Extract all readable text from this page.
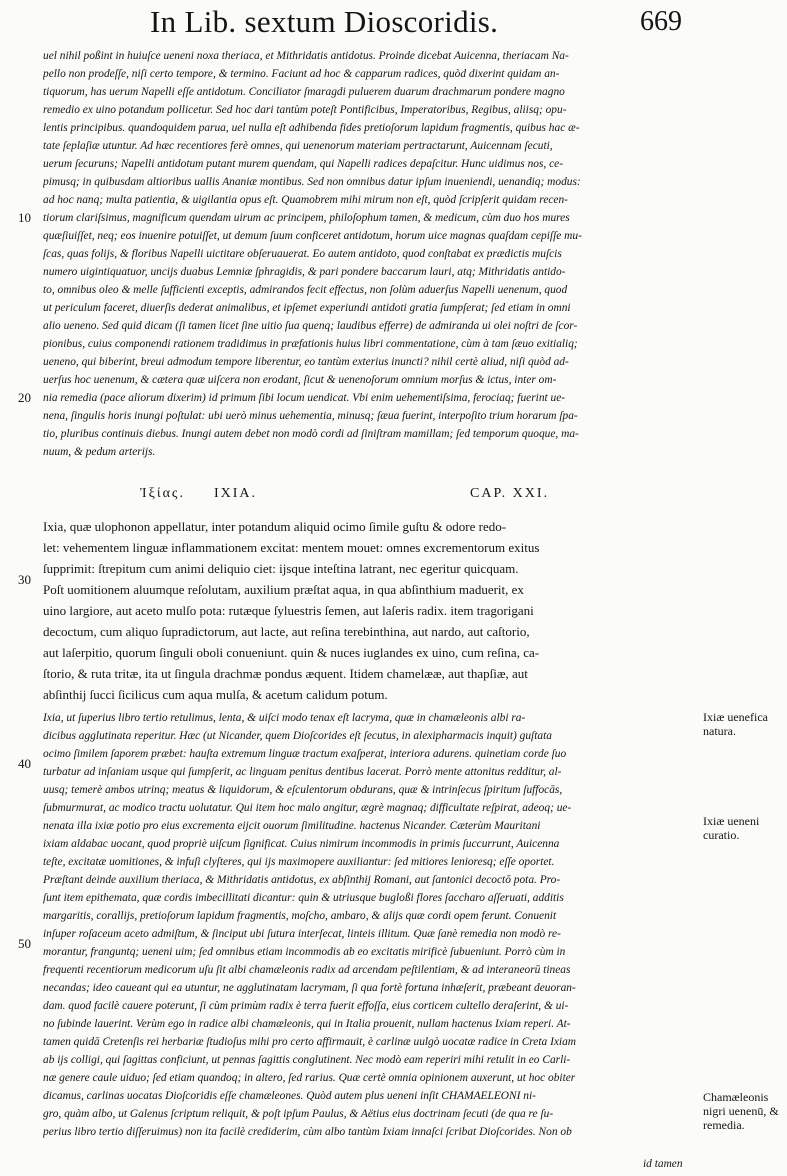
In Lib. sextum Dioscoridis.	669
uel nihil poßint in huiuſce ueneni noxa theriaca, et Mithridatis antidotus. Proinde dicebat Auicenna, theriacam Na-
pello non prodeſſe, niſi certo tempore, & termino. Faciunt ad hoc & capparum radices, quòd dixerint quidam an-
tiquorum, has uerum Napelli eſſe antidotum. Conciliator ſmaragdi puluerem duarum drachmarum pondere magno
remedio ex uino potandum pollicetur. Sed hoc dari tantùm poteſt Pontificibus, Imperatoribus, Regibus, aliisq; opu-
lentis principibus. quandoquidem parua, uel nulla eſt adhibenda fides pretioſorum lapidum fragmentis, quibus hac æ-
tate ſeplaſiæ utuntur. Ad hæc recentiores ferè omnes, qui uenenorum materiam pertractarunt, Auicennam ſecuti,
uerum ſecuruns; Napelli antidotum putant murem quendam, qui Napelli radices depaſcitur. Hunc uidimus nos, ce-
pimusq; in quibusdam altioribus uallis Ananiæ montibus. Sed non omnibus datur ipſum inueniendi, uenandiq; modus:
ad hoc nanq; multa patientia, & uigilantia opus eſt. Quamobrem mihi mirum non eſt, quòd ſcripſerit quidam recen-
tiorum clariſsimus, magnificum quendam uirum ac principem, philoſophum tamen, & medicum, cùm duo hos mures
quæſiuiſſet, neq; eos inuenire potuiſſet, ut demum ſuum conficeret antidotum, horum uice magnas quaſdam cepiſſe mu-
ſcas, quas folijs, & floribus Napelli uictitare obſeruauerat. Eo autem antidoto, quod conſtabat ex prædictis muſcis
numero uigintiquatuor, uncijs duabus Lemniæ ſphragidis, & pari pondere baccarum lauri, atq; Mithridatis antido-
to, omnibus oleo & melle ſufficienti exceptis, admirandos fecit effectus, non ſolùm aduerſus Napelli uenenum, quod
ut periculum faceret, diuerſis dederat animalibus, et ipſemet experiundi antidoti gratia ſumpſerat; ſed etiam in omni
alio ueneno. Sed quid dicam (ſi tamen licet ſine uitio ſua quenq; laudibus efferre) de admiranda ui olei noſtri de ſcor-
pionibus, cuius componendi rationem tradidimus in præfationis huius libri commentatione, cùm à tam ſæuo exitialiq;
ueneno, qui biberint, breui admodum tempore liberentur, eo tantùm exterius inuncti? nihil certè aliud, niſi quòd ad-
uerſus hoc uenenum, & cætera quæ uiſcera non erodant, ſicut & uenenoſorum omnium morſus & ictus, inter om-
nia remedia (pace aliorum dixerim) id primum ſibi locum uendicat. Vbi enim uehementiſsima, ferociaq; fuerint ue-
nena, ſingulis horis inungi poſtulat: ubi uerò minus uehementia, minusq; ſæua fuerint, interpoſito trium horarum ſpa-
tio, pluribus continuis diebus. Inungi autem debet non modò cordi ad ſiniſtram mamillam; ſed temporum quoque, ma-
nuum, & pedum arterijs.
10
20
30
40
50
Ἰξίας. IXIA.	CAP. XXI.
Ixia, quæ ulophonon appellatur, inter potandum aliquid ocimo ſimile guſtu & odore redo-
let: vehementem linguæ inflammationem excitat: mentem mouet: omnes excrementorum exitus
ſupprimit: ſtrepitum cum animi deliquio ciet: ijsque inteſtina latrant, nec egeritur quicquam.
Poſt uomitionem aluumque reſolutam, auxilium præſtat aqua, in qua abſinthium maduerit, ex
uino largiore, aut aceto mulſo pota: rutæque ſyluestris ſemen, aut laſeris radix. item tragorigani
decoctum, cum aliquo ſupradictorum, aut lacte, aut reſina terebinthina, aut nardo, aut caſtorio,
aut laſerpitio, quorum ſinguli oboli conueniunt. quin & nuces iuglandes ex uino, cum reſina, ca-
ſtorio, & ruta tritæ, ita ut ſingula drachmæ pondus æquent. Itidem chamelææ, aut thapſiæ, aut
abſinthij ſucci ſicilicus cum aqua mulſa, & acetum calidum potum.
Ixia, ut ſuperius libro tertio retulimus, lenta, & uiſci modo tenax eſt lacryma, quæ in chamæleonis albi ra-
dicibus agglutinata reperitur. Hæc (ut Nicander, quem Dioſcorides eſt ſecutus, in alexipharmacis inquit) guſtata
ocimo ſimilem ſaporem præbet: hauſta extremum linguæ tractum exaſperat, interiora adurens. quinetiam corde ſuo
turbatur ad inſaniam usque qui ſumpſerit, ac linguam penitus dentibus lacerat. Porrò mente attonitus redditur, al-
uusq; temerè ambos utrinq; meatus & liquidorum, & eſculentorum obdurans, quæ & intrinſecus ſpiritum ſuffocās,
ſubmurmurat, ac modico tractu uolutatur. Qui item hoc malo angitur, ægrè magnaq; difficultate reſpirat, adeoq; ue-
nenata illa ixiæ potio pro eius excrementa eijcit ouorum ſimilitudine. hactenus Nicander. Cæterùm Mauritani
ixiam aldabac uocant, quod propriè uiſcum ſignificat. Cuius nimirum incommodis in primis ſuccurrunt, Auicenna
teſte, excitatæ uomitiones, & infuſi clyſteres, qui ijs maximopere auxiliantur: ſed mitiores lenioresq; eſſe oportet.
Præſtant deinde auxilium theriaca, & Mithridatis antidotus, ex abſinthij Romani, aut ſantonici decoctō pota. Pro-
ſunt item epithemata, quæ cordis imbecillitati dicantur: quin & utriusque bugloßi flores ſaccharo aſſeruati, additis
margaritis, corallijs, pretioſorum lapidum fragmentis, moſcho, ambaro, & alijs quæ cordi opem ferunt. Conuenit
inſuper roſaceum aceto admiſtum, & ſinciput ubi ſutura interſecat, linteis illitum. Quæ ſanè remedia non modò re-
morantur, franguntq; ueneni uim; ſed omnibus etiam incommodis ab eo excitatis mirificè ſubueniunt. Porrò cùm in
frequenti recentiorum medicorum uſu ſit albi chamæleonis radix ad arcendam peſtilentiam, & ad interaneorū tineas
necandas; ideo caueant qui ea utuntur, ne agglutinatam lacrymam, ſi qua fortè fortuna inhæſerit, præbeant deuoran-
dam. quod facilè cauere poterunt, ſi cùm primùm radix è terra fuerit effoſſa, eius corticem cultello deraſerint, & ui-
no ſubinde lauerint. Verùm ego in radice albi chamæleonis, qui in Italia prouenit, nullam hactenus Ixiam reperi. At-
tamen quidā Cretenſis rei herbariæ ſtudioſus mihi pro certo affirmauit, è carlinæ uulgò uocatæ radice in Creta Ixiam
ab ijs colligi, qui ſagittas conficiunt, ut pennas ſagittis conglutinent. Nec modò eam reperiri mihi retulit in eo Carli-
næ genere caule uiduo; ſed etiam quandoq; in altero, ſed rarius. Quæ certè omnia opinionem auxerunt, ut hoc obiter
dicamus, carlinas uocatas Dioſcoridis eſſe chamæleones. Quòd autem plus ueneni inſit CHAMAELEONI ni-
gro, quàm albo, ut Galenus ſcriptum reliquit, & poſt ipſum Paulus, & Aëtius eius doctrinam ſecuti (de qua re ſu-
perius libro tertio diſſeruimus) non ita facilè crediderim, cùm albo tantùm Ixiam innaſci ſcribat Dioſcorides. Non ob
id tamen
Ixiæ uenefica natura.
Ixiæ ueneni curatio.
Chamæleonis nigri uenenū, & remedia.
